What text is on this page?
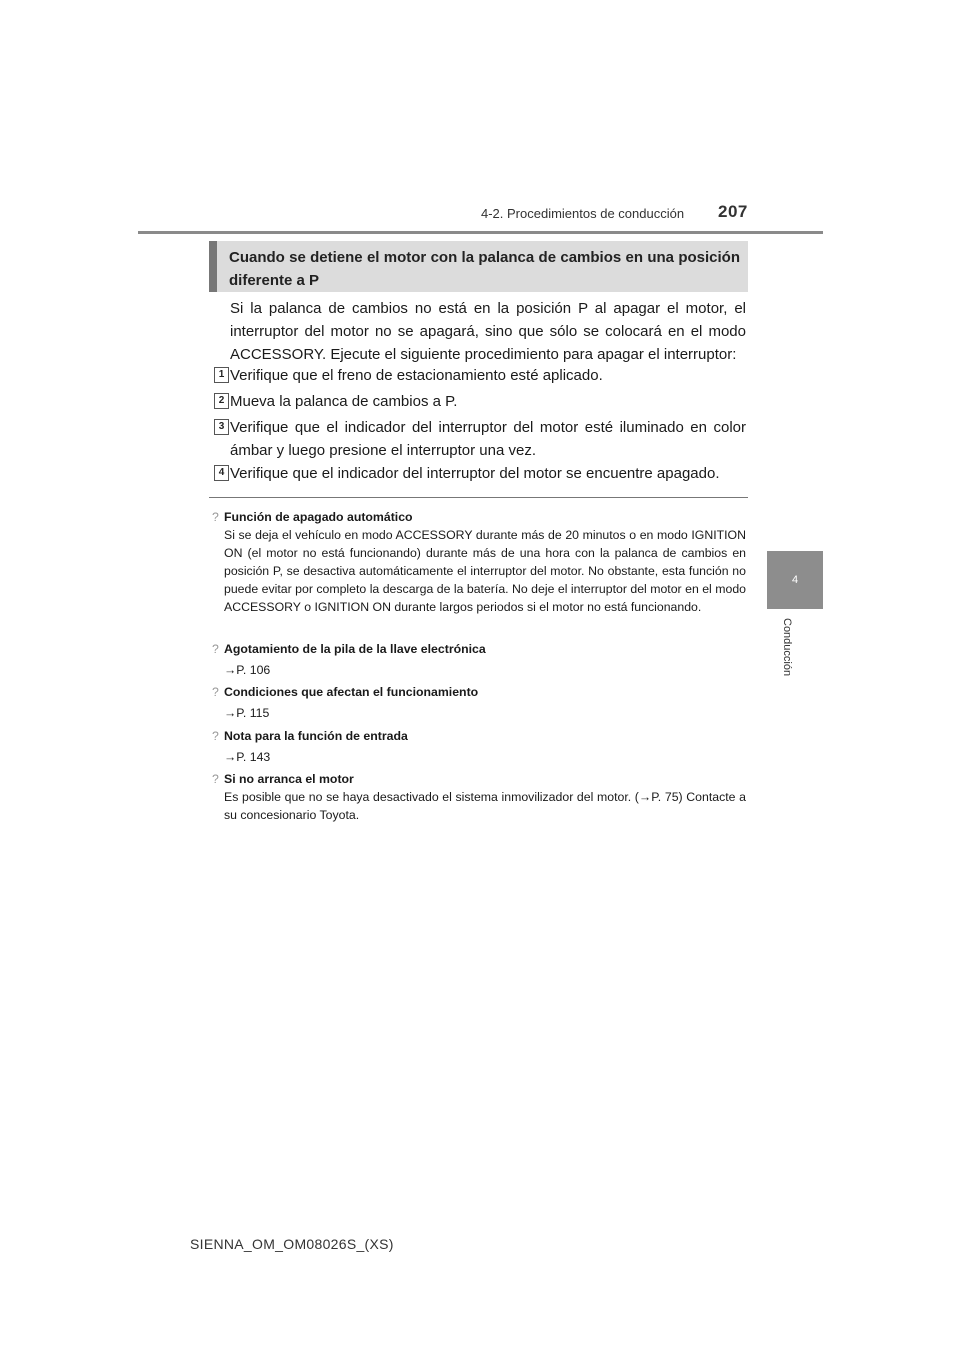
4-2. Procedimientos de conducción	207
4
Conducción
Cuando se detiene el motor con la palanca de cambios en una posición diferente a P

Si la palanca de cambios no está en la posición P al apagar el motor, el interruptor del motor no se apagará, sino que sólo se colocará en el modo ACCESSORY. Ejecute el siguiente procedimiento para apagar el interruptor:

1 Verifique que el freno de estacionamiento esté aplicado.
2 Mueva la palanca de cambios a P.
3 Verifique que el indicador del interruptor del motor esté iluminado en color ámbar y luego presione el interruptor una vez.
4 Verifique que el indicador del interruptor del motor se encuentre apagado.
? Función de apagado automático
Si se deja el vehículo en modo ACCESSORY durante más de 20 minutos o en modo IGNITION ON (el motor no está funcionando) durante más de una hora con la palanca de cambios en posición P, se desactiva automáticamente el interruptor del motor. No obstante, esta función no puede evitar por completo la descarga de la batería. No deje el interruptor del motor en el modo ACCESSORY o IGNITION ON durante largos periodos si el motor no está funcionando.
? Agotamiento de la pila de la llave electrónica
→P. 106
? Condiciones que afectan el funcionamiento
→P. 115
? Nota para la función de entrada
→P. 143
? Si no arranca el motor
Es posible que no se haya desactivado el sistema inmovilizador del motor. (→P. 75) Contacte a su concesionario Toyota.
SIENNA_OM_OM08026S_(XS)
